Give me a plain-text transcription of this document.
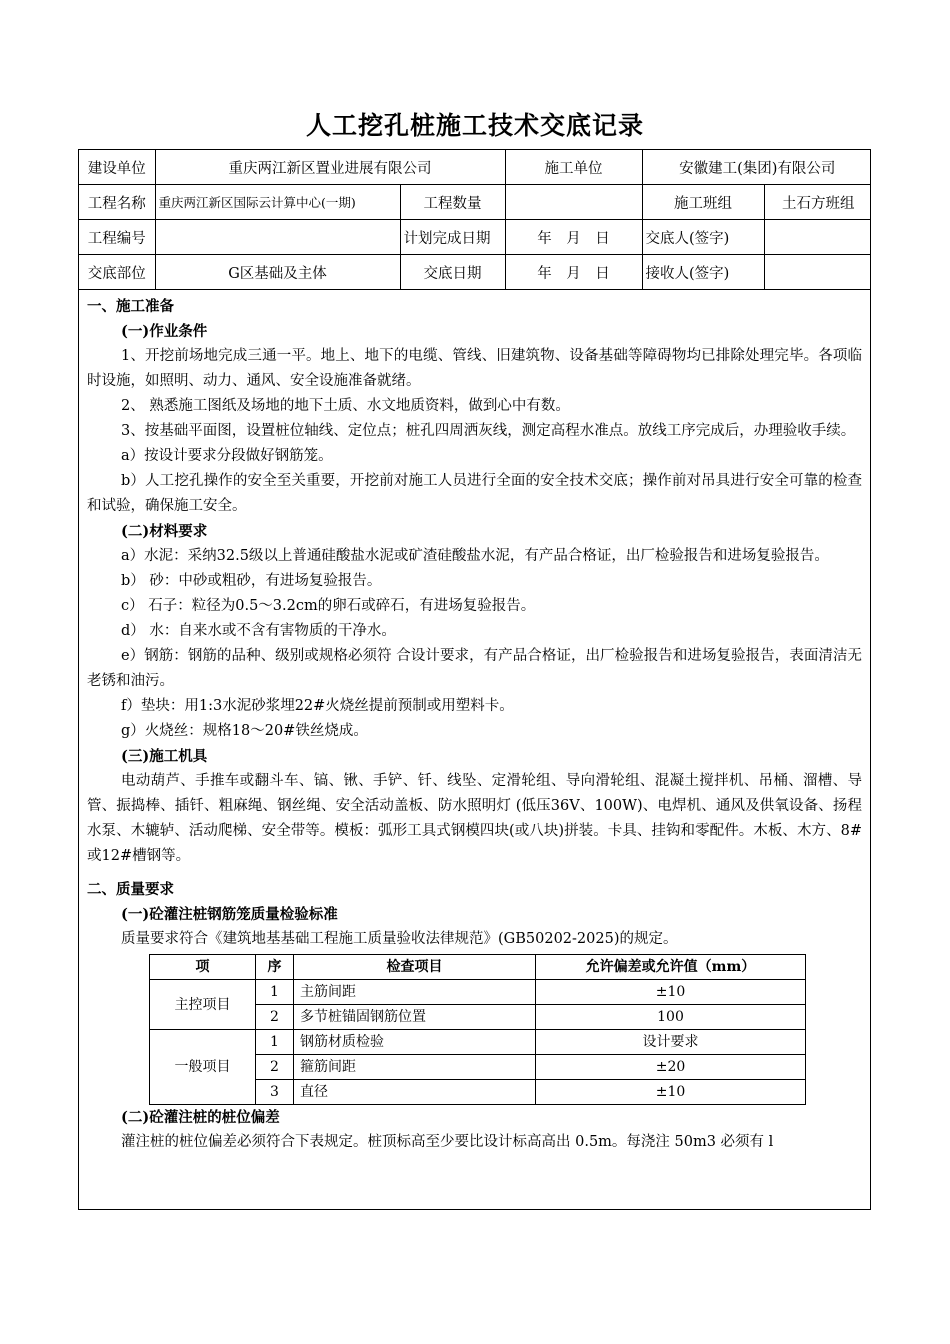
人工挖孔桩施工技术交底记录
建设单位	重庆两江新区置业进展有限公司		施工单位	安徽建工(集团)有限公司	
工程名称	重庆两江新区国际云计算中心(一期)	工程数量		施工班组	土石方班组
工程编号		计划完成日期	年　月　日	交底人(签字)	
交底部位	G区基础及主体	交底日期	年　月　日	接收人(签字)	

一、施工准备

(一)作业条件

1、开挖前场地完成三通一平。地上、地下的电缆、管线、旧建筑物、设备基础等障碍物均已排除处理完毕。各项临时设施，如照明、动力、通风、安全设施准备就绪。

2、 熟悉施工图纸及场地的地下土质、水文地质资料，做到心中有数。

3、按基础平面图，设置桩位轴线、定位点；桩孔四周洒灰线，测定高程水准点。放线工序完成后，办理验收手续。

a）按设计要求分段做好钢筋笼。

b）人工挖孔操作的安全至关重要，开挖前对施工人员进行全面的安全技术交底；操作前对吊具进行安全可靠的检查和试验，确保施工安全。

(二)材料要求

a）水泥：采纳32.5级以上普通硅酸盐水泥或矿渣硅酸盐水泥，有产品合格证，出厂检验报告和进场复验报告。

b） 砂：中砂或粗砂，有进场复验报告。

c） 石子：粒径为0.5～3.2cm的卵石或碎石，有进场复验报告。

d） 水：自来水或不含有害物质的干净水。

e）钢筋：钢筋的品种、级别或规格必须符 合设计要求，有产品合格证，出厂检验报告和进场复验报告，表面清洁无老锈和油污。

f）垫块：用1:3水泥砂浆埋22#火烧丝提前预制或用塑料卡。

g）火烧丝：规格18～20#铁丝烧成。

(三)施工机具

电动葫芦、手推车或翻斗车、镐、锹、手铲、钎、线坠、定滑轮组、导向滑轮组、混凝土搅拌机、吊桶、溜槽、导管、振捣棒、插钎、粗麻绳、钢丝绳、安全活动盖板、防水照明灯 (低压36V、100W)、电焊机、通风及供氧设备、扬程水泵、木辘轳、活动爬梯、安全带等。模板：弧形工具式钢模四块(或八块)拼装。卡具、挂钩和零配件。木板、木方、8#或12#槽钢等。

二、质量要求

(一)砼灌注桩钢筋笼质量检验标准

质量要求符合《建筑地基基础工程施工质量验收法律规范》(GB50202-2025)的规定。

项	序	检查项目	允许偏差或允许值（mm）
主控项目	1	主筋间距	±10
	2	多节桩锚固钢筋位置	100
一般项目	1	钢筋材质检验	设计要求
	2	箍筋间距	±20
	3	直径	±10

(二)砼灌注桩的桩位偏差

灌注桩的桩位偏差必须符合下表规定。桩顶标高至少要比设计标高高出 0.5m。每浇注 50m3 必须有 l
